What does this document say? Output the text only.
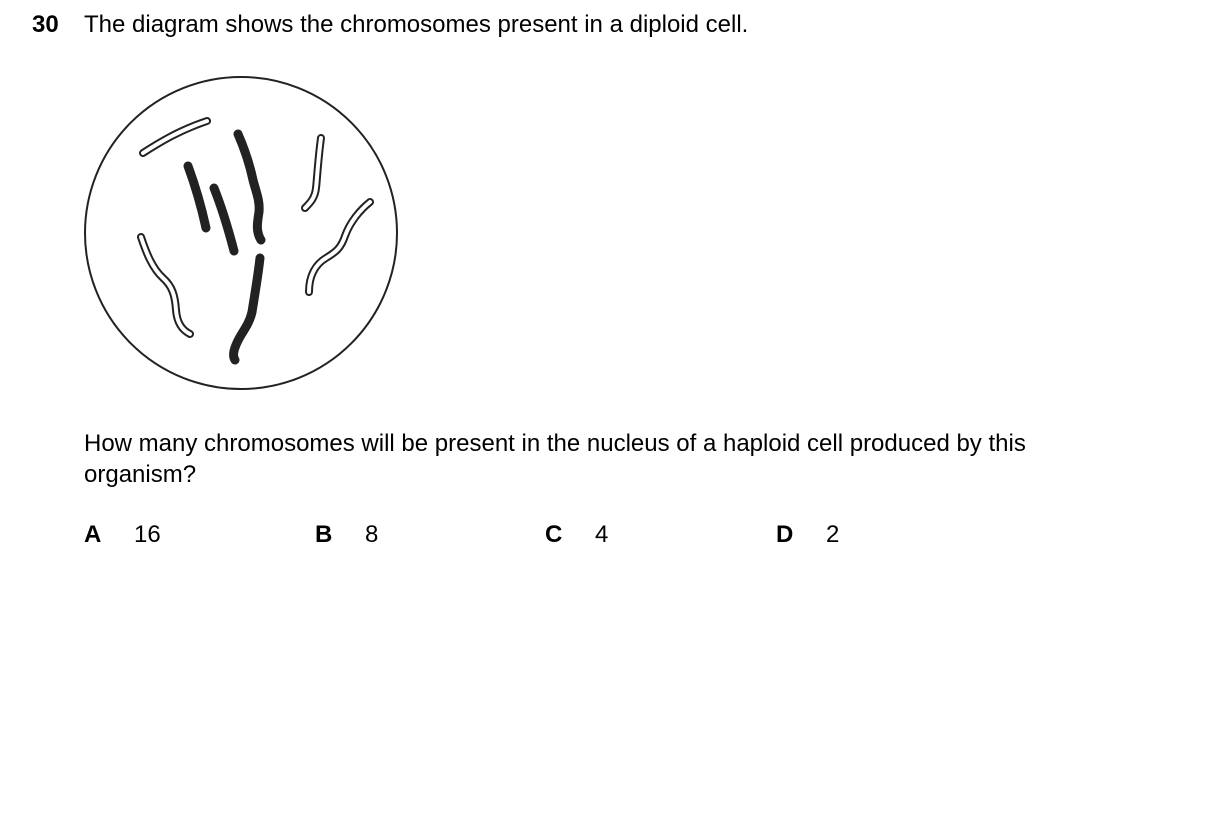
30 The diagram shows the chromosomes present in a diploid cell.
How many chromosomes will be present in the nucleus of a haploid cell produced by this organism?
A 16	B 8	C 4	D 2
